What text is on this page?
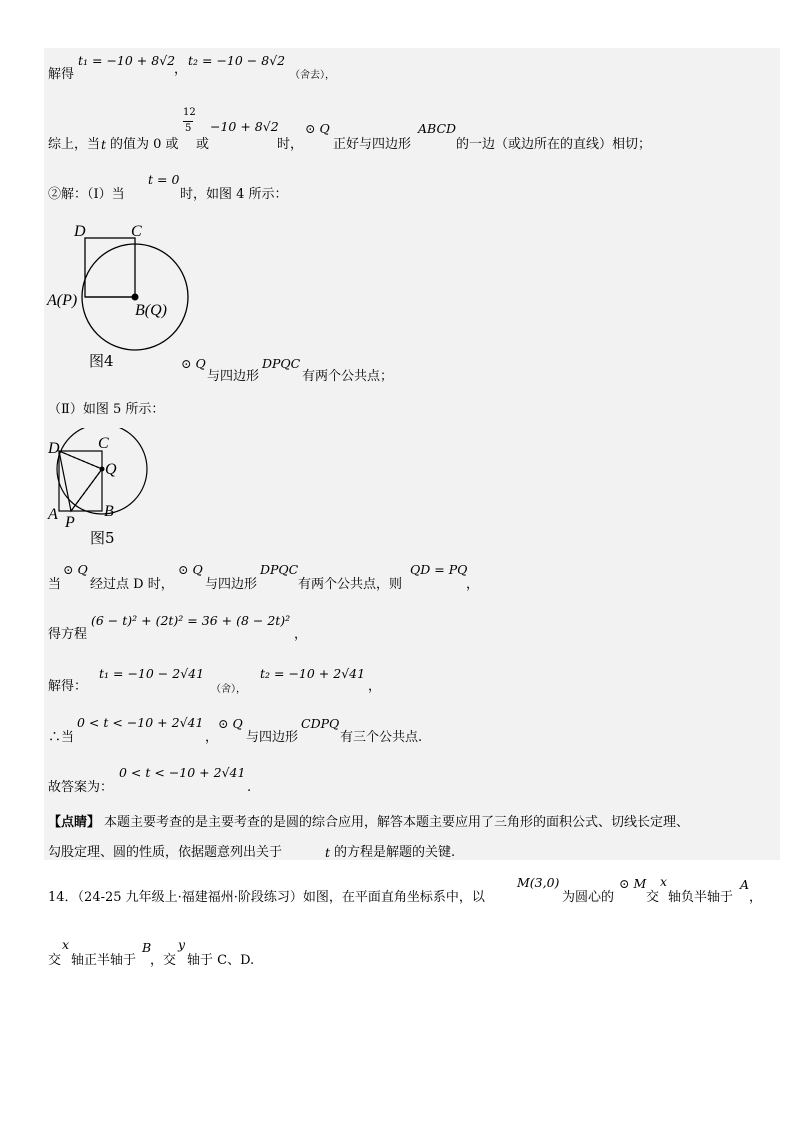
解得
t₁ = −10 + 8√2
，
t₂ = −10 − 8√2
（舍去），
综上，当 t 的值为 0 或
12
5
或
−10 + 8√2
时，
⊙ Q
正好与四边形
ABCD
的一边（或边所在的直线）相切；
②解：（Ⅰ）当
t = 0
时，如图 4 所示：
D	C
A(P)
B(Q)
图4	⊙ Q
与四边形
DPQC
有两个公共点；
（Ⅱ）如图 5 所示：
D C
Q
A P
B
图5
当
⊙ Q
经过点 D 时，
⊙ Q
与四边形
DPQC
有两个公共点，则
QD = PQ
，
得方程
(6 − t)² + (2t)² = 36 + (8 − 2t)²
，
解得：
t₁ = −10 − 2√41
（舍），
t₂ = −10 + 2√41
，
∴当
0 < t < −10 + 2√41
，
⊙ Q
与四边形
CDPQ
有三个公共点.
故答案为：
0 < t < −10 + 2√41
.
【点睛】 本题主要考查的是主要考查的是圆的综合应用，解答本题主要应用了三角形的面积公式、切线长定理、
勾股定理、圆的性质，依据题意列出关于	t 的方程是解题的关键.
14．（24-25 九年级上·福建福州·阶段练习）如图，在平面直角坐标系中，以
M(3,0)
为圆心的
⊙ M
交
x
轴负半轴于
A
，
交
x
轴正半轴于
B
，交
y
轴于 C、D.
